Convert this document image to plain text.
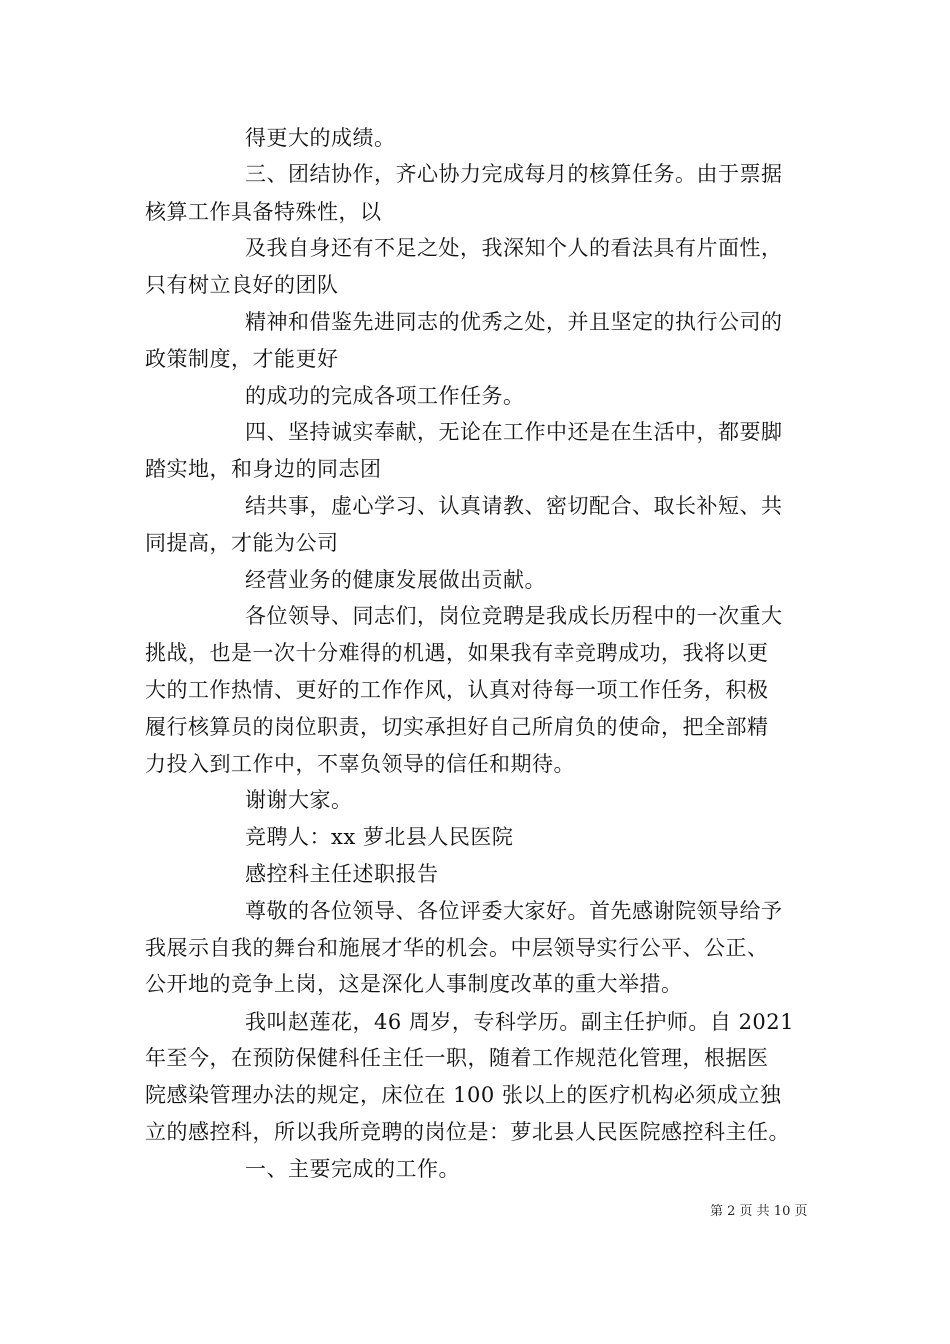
得更大的成绩。
三、团结协作，齐心协力完成每月的核算任务。由于票据
核算工作具备特殊性，以
及我自身还有不足之处，我深知个人的看法具有片面性，
只有树立良好的团队
精神和借鉴先进同志的优秀之处，并且坚定的执行公司的
政策制度，才能更好
的成功的完成各项工作任务。
四、坚持诚实奉献，无论在工作中还是在生活中，都要脚
踏实地，和身边的同志团
结共事，虚心学习、认真请教、密切配合、取长补短、共
同提高，才能为公司
经营业务的健康发展做出贡献。
各位领导、同志们，岗位竞聘是我成长历程中的一次重大
挑战，也是一次十分难得的机遇，如果我有幸竞聘成功，我将以更
大的工作热情、更好的工作作风，认真对待每一项工作任务，积极
履行核算员的岗位职责，切实承担好自己所肩负的使命，把全部精
力投入到工作中，不辜负领导的信任和期待。
谢谢大家。
竞聘人：xx 萝北县人民医院
感控科主任述职报告
尊敬的各位领导、各位评委大家好。首先感谢院领导给予
我展示自我的舞台和施展才华的机会。中层领导实行公平、公正、
公开地的竞争上岗，这是深化人事制度改革的重大举措。
我叫赵莲花，46 周岁，专科学历。副主任护师。自 2021
年至今，在预防保健科任主任一职，随着工作规范化管理，根据医
院感染管理办法的规定，床位在 100 张以上的医疗机构必须成立独
立的感控科，所以我所竞聘的岗位是：萝北县人民医院感控科主任。
一、主要完成的工作。
第 2 页 共 10 页
